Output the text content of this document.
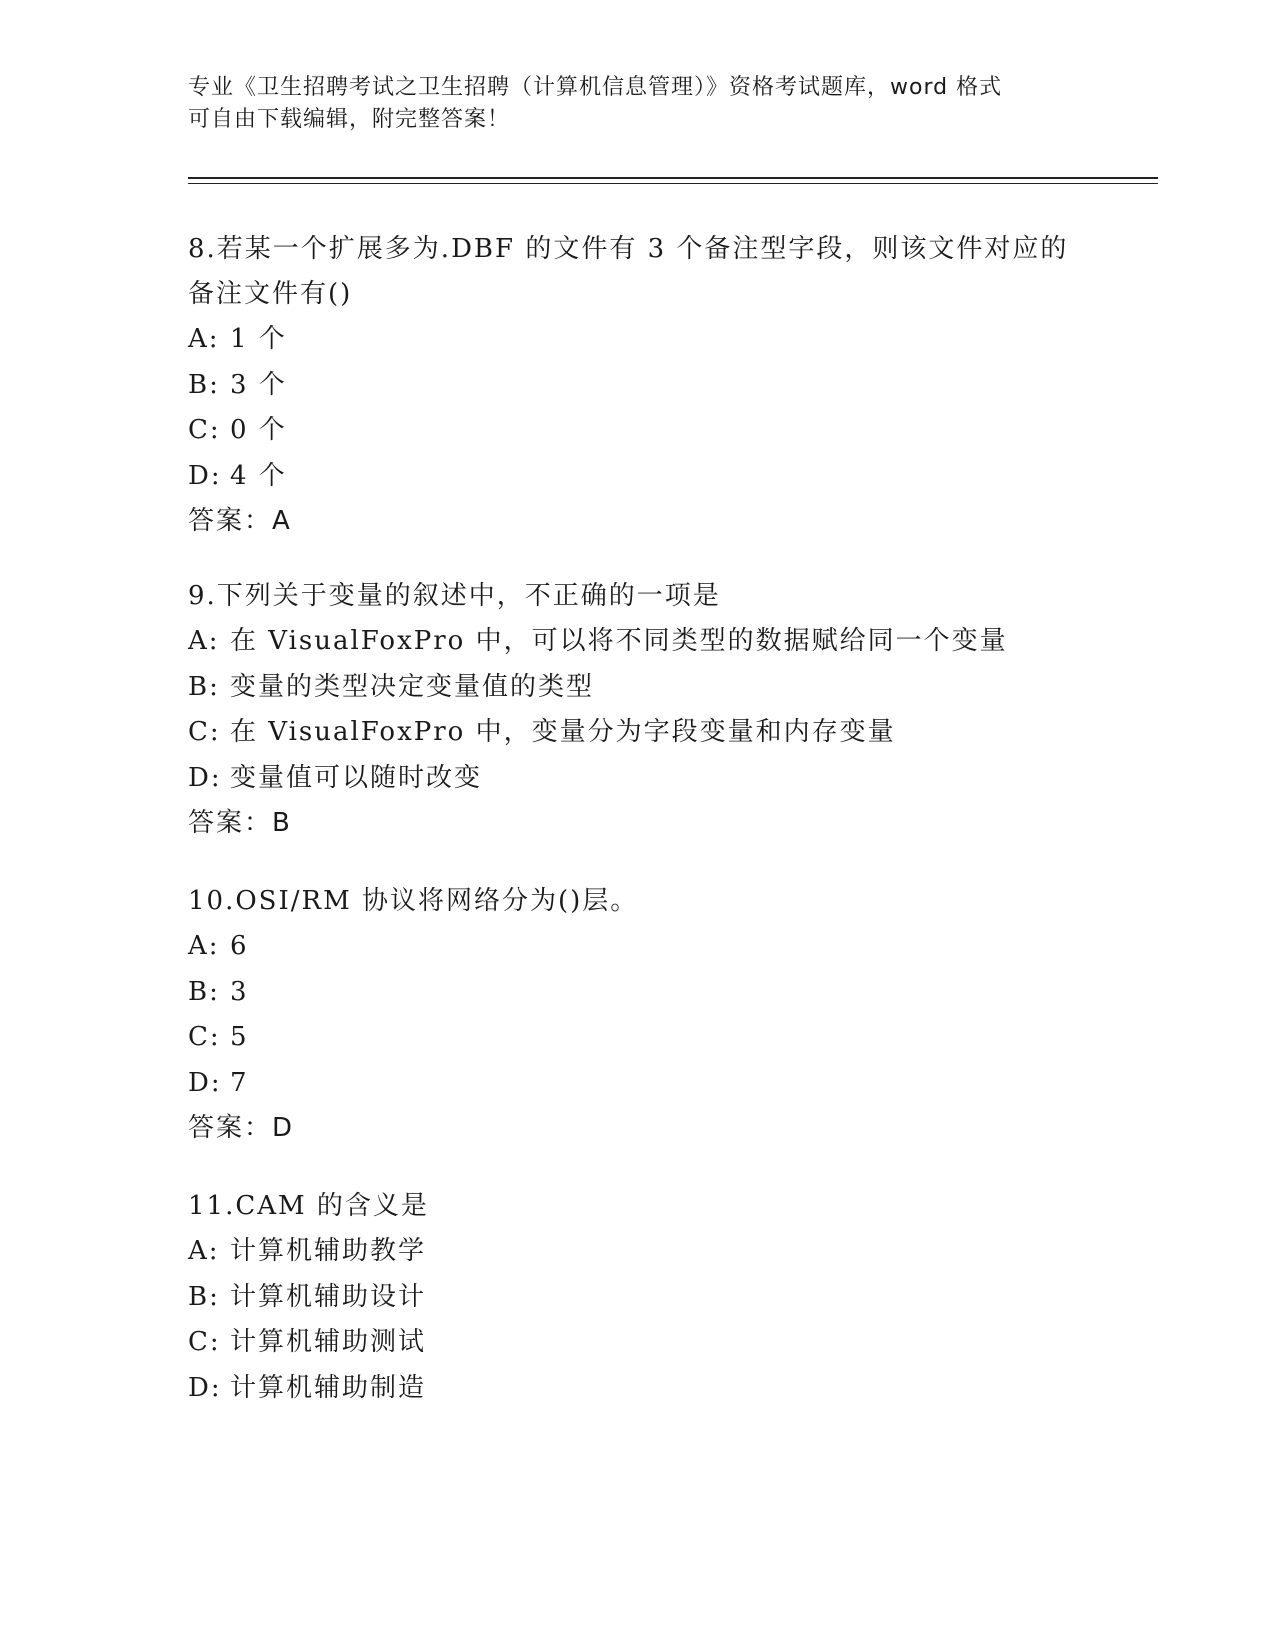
专业《卫生招聘考试之卫生招聘（计算机信息管理）》资格考试题库，word 格式
可自由下载编辑，附完整答案！
8.若某一个扩展多为.DBF 的文件有 3 个备注型字段，则该文件对应的
备注文件有()
A: 1 个
B: 3 个
C: 0 个
D: 4 个
答案：A
9.下列关于变量的叙述中，不正确的一项是
A: 在 VisualFoxPro 中，可以将不同类型的数据赋给同一个变量
B: 变量的类型决定变量值的类型
C: 在 VisualFoxPro 中，变量分为字段变量和内存变量
D: 变量值可以随时改变
答案：B
10.OSI/RM 协议将网络分为()层。
A: 6
B: 3
C: 5
D: 7
答案：D
11.CAM 的含义是
A: 计算机辅助教学
B: 计算机辅助设计
C: 计算机辅助测试
D: 计算机辅助制造
